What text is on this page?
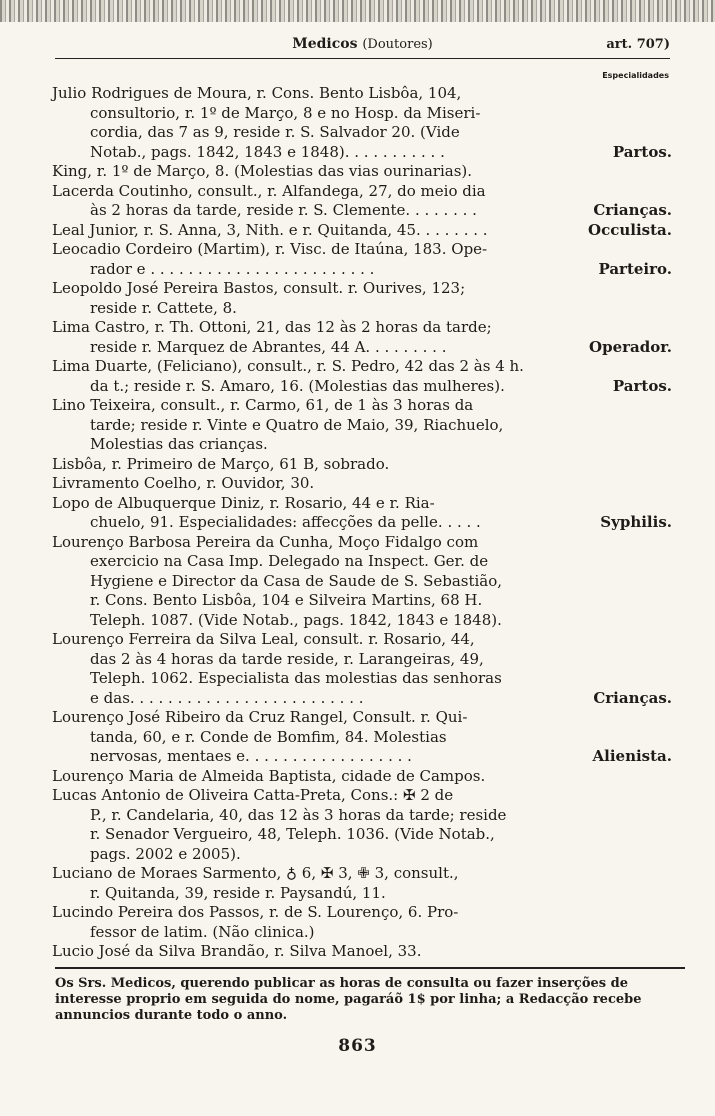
Medicos (Doutores)	art. 707)
Especialidades
Julio Rodrigues de Moura, r. Cons. Bento Lisbôa, 104,
consultorio, r. 1º de Março, 8 e no Hosp. da Miseri-
cordia, das 7 as 9, reside r. S. Salvador 20. (Vide
Notab., pags. 1842, 1843 e 1848). . . . . . . . . . .	Partos.
King, r. 1º de Março, 8. (Molestias das vias ourinarias).
Lacerda Coutinho, consult., r. Alfandega, 27, do meio dia
às 2 horas da tarde, reside r. S. Clemente. . . . . . . .	Crianças.
Leal Junior, r. S. Anna, 3, Nith. e r. Quitanda, 45. . . . . . . .	Occulista.
Leocadio Cordeiro (Martim), r. Visc. de Itaúna, 183. Ope-
rador e . . . . . . . . . . . . . . . . . . . . . . . .	Parteiro.
Leopoldo José Pereira Bastos, consult. r. Ourives, 123;
reside r. Cattete, 8.
Lima Castro, r. Th. Ottoni, 21, das 12 às 2 horas da tarde;
reside r. Marquez de Abrantes, 44 A. . . . . . . . .	Operador.
Lima Duarte, (Feliciano), consult., r. S. Pedro, 42 das 2 às 4 h.
da t.; reside r. S. Amaro, 16. (Molestias das mulheres).	Partos.
Lino Teixeira, consult., r. Carmo, 61, de 1 às 3 horas da
tarde; reside r. Vinte e Quatro de Maio, 39, Riachuelo,
Molestias das crianças.
Lisbôa, r. Primeiro de Março, 61 B, sobrado.
Livramento Coelho, r. Ouvidor, 30.
Lopo de Albuquerque Diniz, r. Rosario, 44 e r. Ria-
chuelo, 91. Especialidades: affecções da pelle. . . . .	Syphilis.
Lourenço Barbosa Pereira da Cunha, Moço Fidalgo com
exercicio na Casa Imp. Delegado na Inspect. Ger. de
Hygiene e Director da Casa de Saude de S. Sebastião,
r. Cons. Bento Lisbôa, 104 e Silveira Martins, 68 H.
Teleph. 1087. (Vide Notab., pags. 1842, 1843 e 1848).
Lourenço Ferreira da Silva Leal, consult. r. Rosario, 44,
das 2 às 4 horas da tarde reside, r. Larangeiras, 49,
Teleph. 1062. Especialista das molestias das senhoras
e das. . . . . . . . . . . . . . . . . . . . . . . . .	Crianças.
Lourenço José Ribeiro da Cruz Rangel, Consult. r. Qui-
tanda, 60, e r. Conde de Bomfim, 84. Molestias
nervosas, mentaes e. . . . . . . . . . . . . . . . . .	Alienista.
Lourenço Maria de Almeida Baptista, cidade de Campos.
Lucas Antonio de Oliveira Catta-Preta, Cons.: ✠ 2 de
P., r. Candelaria, 40, das 12 às 3 horas da tarde; reside
r. Senador Vergueiro, 48, Teleph. 1036. (Vide Notab.,
pags. 2002 e 2005).
Luciano de Moraes Sarmento, ♁ 6, ✠ 3, ✙ 3, consult.,
r. Quitanda, 39, reside r. Paysandú, 11.
Lucindo Pereira dos Passos, r. de S. Lourenço, 6. Pro-
fessor de latim. (Não clinica.)
Lucio José da Silva Brandão, r. Silva Manoel, 33.
Os Srs. Medicos, querendo publicar as horas de consulta ou fazer inserções de interesse proprio em seguida do nome, pagaráõ 1$ por linha; a Redacção recebe annuncios durante todo o anno.
863
